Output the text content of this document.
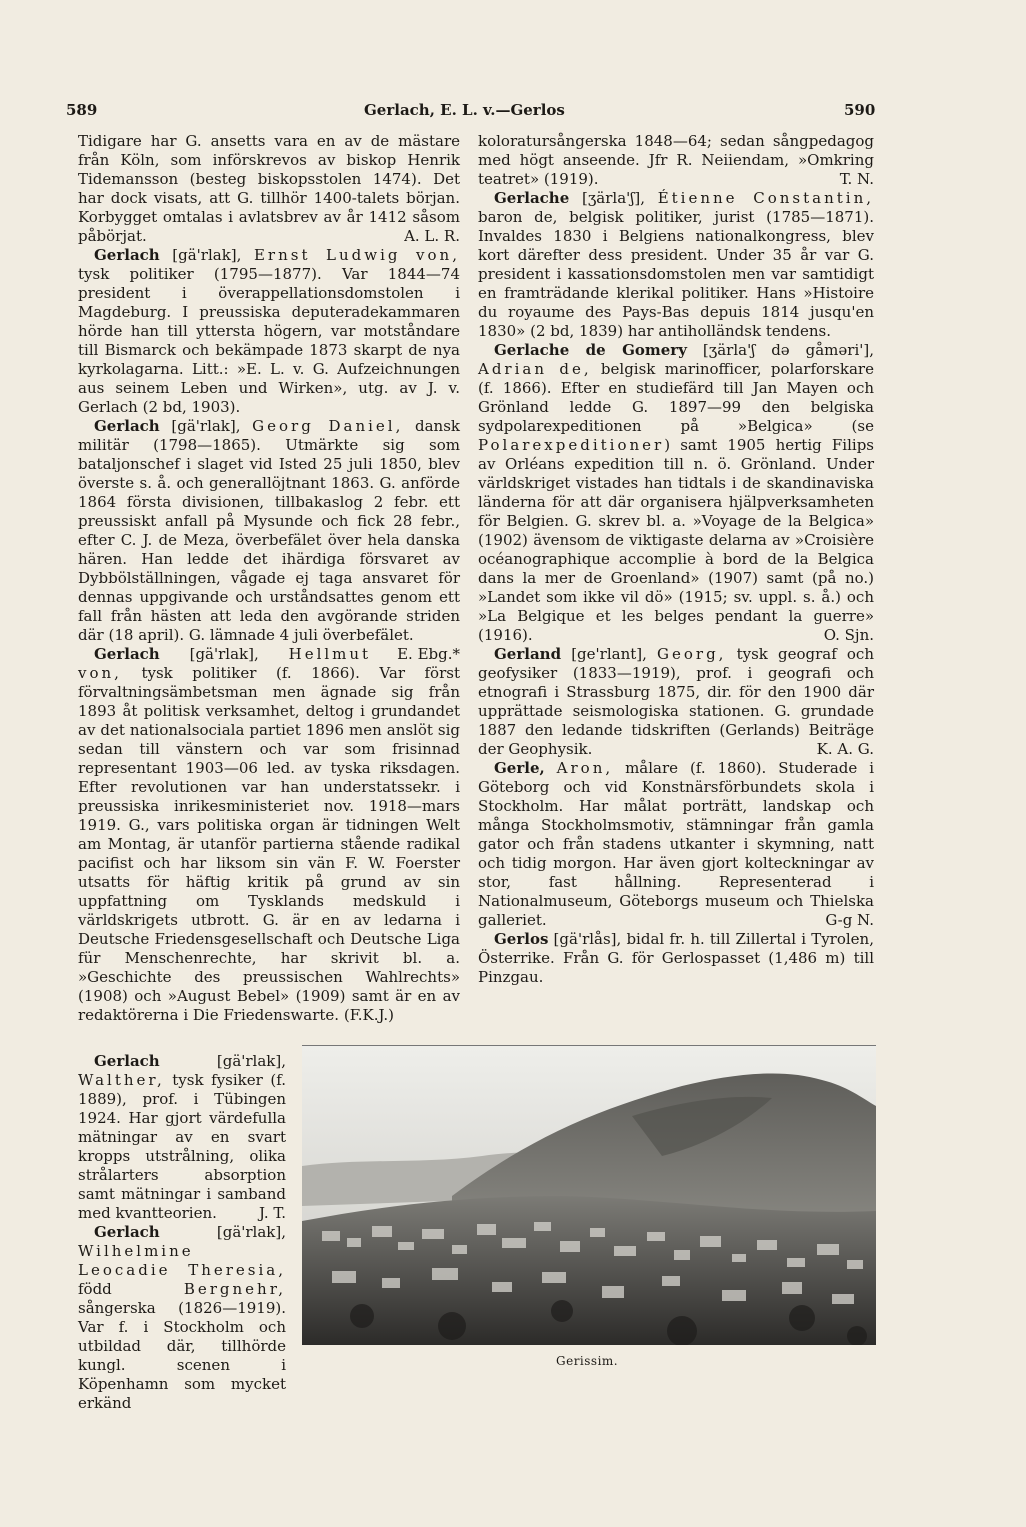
589	Gerlach, E. L. v.—Gerlos	590

Tidigare har G. ansetts vara en av de mästare från Köln, som införskrevos av biskop Henrik Tidemansson (besteg biskopsstolen 1474). Det har dock visats, att G. tillhör 1400-talets början. Korbygget omtalas i avlatsbrev av år 1412 såsom påbörjat.	A. L. R.

Gerlach [gä'rlak], Ernst Ludwig von, tysk politiker (1795—1877). Var 1844—74 president i överappellationsdomstolen i Magdeburg. I preussiska deputeradekammaren hörde han till yttersta högern, var motståndare till Bismarck och bekämpade 1873 skarpt de nya kyrkolagarna. Litt.: »E. L. v. G. Aufzeichnungen aus seinem Leben und Wirken», utg. av J. v. Gerlach (2 bd, 1903).

Gerlach [gä'rlak], Georg Daniel, dansk militär (1798—1865). Utmärkte sig som bataljonschef i slaget vid Isted 25 juli 1850, blev överste s. å. och generallöjtnant 1863. G. anförde 1864 första divisionen, tillbakaslog 2 febr. ett preussiskt anfall på Mysunde och fick 28 febr., efter C. J. de Meza, överbefälet över hela danska hären. Han ledde det ihärdiga försvaret av Dybbölställningen, vågade ej taga ansvaret för dennas uppgivande och urståndsattes genom ett fall från hästen att leda den avgörande striden där (18 april). G. lämnade 4 juli överbefälet.
E. Ebg.*

Gerlach [gä'rlak], Hellmut von, tysk politiker (f. 1866). Var först förvaltningsämbetsman men ägnade sig från 1893 åt politisk verksamhet, deltog i grundandet av det nationalsociala partiet 1896 men anslöt sig sedan till vänstern och var som frisinnad representant 1903—06 led. av tyska riksdagen. Efter revolutionen var han understatssekr. i preussiska inrikesministeriet nov. 1918—mars 1919. G., vars politiska organ är tidningen Welt am Montag, är utanför partierna stående radikal pacifist och har liksom sin vän F. W. Foerster utsatts för häftig kritik på grund av sin uppfattning om Tysklands medskuld i världskrigets utbrott. G. är en av ledarna i Deutsche Friedensgesellschaft och Deutsche Liga für Menschenrechte, har skrivit bl. a. »Geschichte des preussischen Wahlrechts» (1908) och »August Bebel» (1909) samt är en av redaktörerna i Die Friedenswarte. (F.K.J.)

Gerlach	[gä'rlak], Walther, tysk fysiker (f. 1889), prof. i Tübingen 1924. Har gjort värdefulla mätningar av en svart kropps utstrålning, olika strålarters absorption samt mätningar i samband med kvantteorien.	J. T.

Gerlach	[gä'rlak], Wilhelmine Leocadie Theresia, född Bergnehr, sångerska (1826—1919). Var f. i Stockholm och utbildad där, tillhörde kungl. scenen i Köpenhamn som mycket erkänd

koloratursångerska 1848—64; sedan sångpedagog med högt anseende. Jfr R. Neiiendam, »Omkring teatret» (1919).	T. N.

Gerlache [ʒärla'ʃ], Étienne Constantin, baron de, belgisk politiker, jurist (1785—1871). Invaldes 1830 i Belgiens nationalkongress, blev kort därefter dess president. Under 35 år var G. president i kassationsdomstolen men var samtidigt en framträdande klerikal politiker. Hans »Histoire du royaume des Pays-Bas depuis 1814 jusqu'en 1830» (2 bd, 1839) har antiholländsk tendens.

Gerlache de Gomery [ʒärla'ʃ də gåməri'], Adrian de, belgisk marinofficer, polarforskare (f. 1866). Efter en studiefärd till Jan Mayen och Grönland ledde G. 1897—99 den belgiska sydpolarexpeditionen på »Belgica» (se Polarexpeditioner) samt 1905 hertig Filips av Orléans expedition till n. ö. Grönland. Under världskriget vistades han tidtals i de skandinaviska länderna för att där organisera hjälpverksamheten för Belgien. G. skrev bl. a. »Voyage de la Belgica» (1902) ävensom de viktigaste delarna av »Croisière océanographique accomplie à bord de la Belgica dans la mer de Groenland» (1907) samt (på no.) »Landet som ikke vil dö» (1915; sv. uppl. s. å.) och »La Belgique et les belges pendant la guerre» (1916).	O. Sjn.

Gerland [ge'rlant], Georg, tysk geograf och geofysiker (1833—1919), prof. i geografi och etnografi i Strassburg 1875, dir. för den 1900 där upprättade seismologiska stationen. G. grundade 1887 den ledande tidskriften (Gerlands) Beiträge der Geophysik.	K. A. G.

Gerle, Aron, målare (f. 1860). Studerade i Göteborg och vid Konstnärsförbundets skola i Stockholm. Har målat porträtt, landskap och många Stockholmsmotiv, stämningar från gamla gator och från stadens utkanter i skymning, natt och tidig morgon. Har även gjort kolteckningar av stor, fast hållning. Representerad i Nationalmuseum, Göteborgs museum och Thielska galleriet.	G-g N.

Gerlos [gä'rlås], bidal fr. h. till Zillertal i Tyrolen, Österrike. Från G. för Gerlospasset (1,486 m) till Pinzgau.

Gerissim.
